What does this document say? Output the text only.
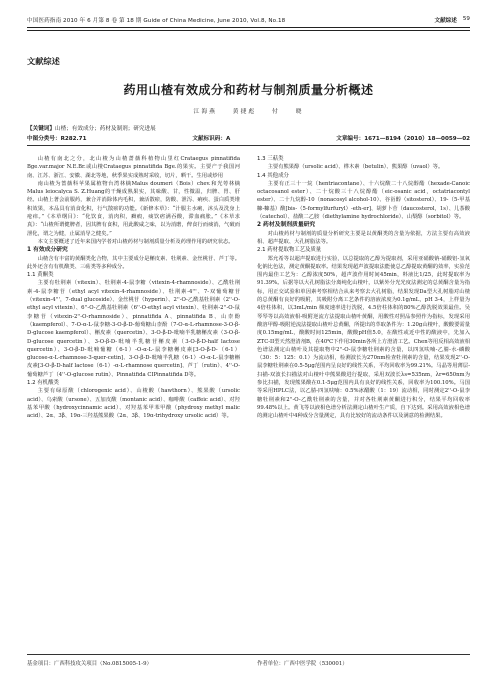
中国医药指南 2010 年 6 月第 8 卷 第 18 期 Guide of China Medicine, June 2010, Vol.8, No.18	文献综述 59
文献综述
药用山楂有效成分和药材与制剂质量分析概述
江海燕 黄捷彪 付 晓
【关键词】山楂；有效成分；药材及制剂；研究进展
中图分类号：R282.71	文献标识码：A	文章编号：1671—8194（2010）18—0059—02

山楂有南北之分，北山楂为山楂蔷薇科植物山里红Crataegus pinnatifida Bge.var.major N.E.Br.或山楂Crataegus pinnatifida Bge.的果实。主要产于我国河南、江苏、浙江、安徽、湖北等地，秋季果实成熟时采收，切片，晒干。生用或炒用

南山楂为蔷薇科苹果属植物台湾林檎Malus doumeri（Bois）chev.和光萼林檎Malus leiocalyca S. Z.Huang的干燥成熟果实，其味酸、甘，性微温，归脾、胃、肝经。山楂上著会前服药，兼合并消除体内毛积，兼活散瘀，防酸、泄泻、痢疾、蛋白质类堆积效果，本品具有消食化积，行气散瘀的功能。《新修本草》：“汁服主水痢，沐头及洗身上疮痒。”《本草纲目》：“化饮食，消肉积，癥瘕，痰饮痞满吞酸，滞血痛胀。”《本草求真》：“山楂所谓健脾者，因其脾有食积，用此酸咸之味，以为消磨，俾食行而痰消，气破而泄化，谓之为健，止属消导之健矣。”

本文主要概述了近年来国内学者对山楂药材与制剂质量分析及药理作用的研究状态。

1 有效成分研究

山楂含有丰富的黄酮类化合物，其中主要成分是槲皮素、牡荆素、金丝桃苷、芦丁等。此外还含有有机酸类、三萜类等多种成分。

1.1 黄酮类

主要有牡荆素（vitexin）、牡荆素-4-鼠李糖（vitexin-4-rhamnoside）、乙酰牡荆素-4-鼠李糖苷（ethyl acyl vitexin-4-rhamnoside）、牡荆素-4'''、7-双葡萄糖苷（vitexin-4'''，7-dual glucoside）、金丝桃苷（hyperin）、2''-O-乙酰基牡荆素（2''-O-ethyl acyl vitexin）、6''-O-乙酰基牡荆素（6''-O-ethyl acyl vitexin）、牡荆素-2''-O-鼠李糖苷（vitexin-2''-O-rhamnoside）、pinnatifida A、pinnatifida B、山柰酚（kaempferol）、7-O-α-L-鼠李糖-3-O-β-D-葡萄糖山柰酚（7-O-α-L-rhamnose-3-O-β-D-glucose kaempferol）、槲皮素（quercetin）、3-O-β-D-吡喃半乳糖槲皮素（3-O-β-D-glucose quercetin）、3-O-β-D-吡喃半乳糖苷槲皮素（3-O-β-D-half lactose quercetin）、3-O-β-D-吡喃葡糖（6-1）-O-α-L-鼠李糖槲皮素[3-O-β-D-（6-1）glucose-α-L-rhamnose-3-quer-cetin]、3-O-β-D-吡喃半乳糖（6-1）-O-α-L-鼠李糖槲皮素[3-O-β-D-half lactose（6-1）-α-L-rhamnose quercetin]、芦丁（rutin）、4''-O-葡萄糖芦丁（4''-O-glucose rutin）、Pinnatifida CIPinnatifida D等。

1.2 有机酸类

主要有绿原酸（chlorogenic acid）、山楂酸（hawthorn）、熊果酸（ursolic acid）、乌索酸（ursone）、五加皮酸（montanic acid）、咖啡酸（caffeic acid）、对羟基苯甲酸（hydroxycinnamic acid）、对羟基苯甲苯甲酸（phydroxy methyl malic acid）、2α、3β、19α-三羟基熊果酸（2α、3β、19α-trihydroxy ursolic acid）等。

1.3 三萜类

主要有熊果醇（ursolic acid）、桦木素（betulin）、熊果醇（uvaol）等。

1.4 其他成分

主要有正三十一烷（hentriacontane）、十六烷酸二十八烷醇酯（hexade-Canoic octacosanol ester）、二十烷酸三十八烷醇酯（eic-osanic acid，octatriacontyl ester）、二十九烷醇-10（nonacosyl alcohol-10）、谷甾醇（sitosterol）、19-（5-甲基糠-糠基）酸[bis-（5-formylfurfuryl）-eth-er]、胡萝卜苷（daucosterol，1s）、儿茶酸（catechol）、盐酸二乙胺（diethylamine hydrochloride）、山梨醇（sorbitol）等。

2 药材及制剂质量研究

对山楂药材与制剂的质量分析研究主要是以黄酮类的含量为依据，方法主要有高效液相、超声提取、大孔树脂法等。

2.1 药材提取物工艺及质量

郑允希等以超声提取进行实验，以总提取的乙醇为提取剂，采用亚硝酸钠-硝酸铝-氢氧化钠比色法，测定黄酮提取率。结果发现超声波提取法能使总乙醇提取黄酮的效率，实验范围内最佳工艺为：乙醇浓度50%，超声波作用时间45min，料液比1/25，此时提取率为91.39%。后据等以大孔树脂法分离纯化山楂叶，以紫外分光光度法测定的总黄酮含量为指标，用正交试验和单因素考察相结合从来考察去大孔树脂，结果发现Da型大孔树脂对山楂的总黄酮有良好的吸附，其吸附分离工艺条件的溶液浓度为0.1g/mL，pH 3-4，上样量为4倍柱体积，以3mL/min 梯度速率进行洗脱，4.5倍柱体积的80%乙醇洗脱效果最佳。吴琴琴等以高效液相-吸附逆流方法提取山楂叶黄酮，用酸性对照品参照作为指标，发现采用酸溶甲醇-吸附逆流法提取山楂叶总黄酮，所提出的萃取条件为：1.20g山楂叶，酸酸要需量度0.15mg/mL，酸酸时间125min，酸酸pH值5.0，在酸性或近中性的酸液中，先加入ZTC-II型天然澄清剂B，在40℃下作用30min各所上方澄清工艺。Chen等用反相高效液相色谱法测定山楂叶及其提取物中2''-O-鼠李糖牡荆素的含量，以四氢呋喃-乙腈-水-磷酸（30：5：125：0.1）为流动相，检测波长为270nm检查牡荆素的含量，结果发现2''-O-鼠李糖牡荆素在0.5-5μg范围内呈良好的线性关系，平均回收率为99.21%。马晶等用薄层-扫描-双波长扫描法对山楂叶中熊果酸进行提取，采用双波长λs=535nm，λr=650nm为参比扫描，发现熊果酸在0.1-5μg范围内具有良好的线性关系，回收率为100.10%。马国等采用HPLC法，以乙腈-四氢呋喃：0.5%冰醋酸（1：19）流动相，同时测定2''-O-鼠李糖牡荆素和2''-O-乙酰牡荆素的含量，并对各牡荆素黄酮进行积分，结果平均回收率99.48%以上。黄飞等以液相色谱分析法测定山楂叶生产质，自下达到。采用高效液相色谱的测定山楂叶中4种成分含量测定，具有比较好的流动条件以及满意的检测结果。

基金项目：广西科技攻关项目（No.0815005-1-9）	作者单位：广西中医学院（530001）
